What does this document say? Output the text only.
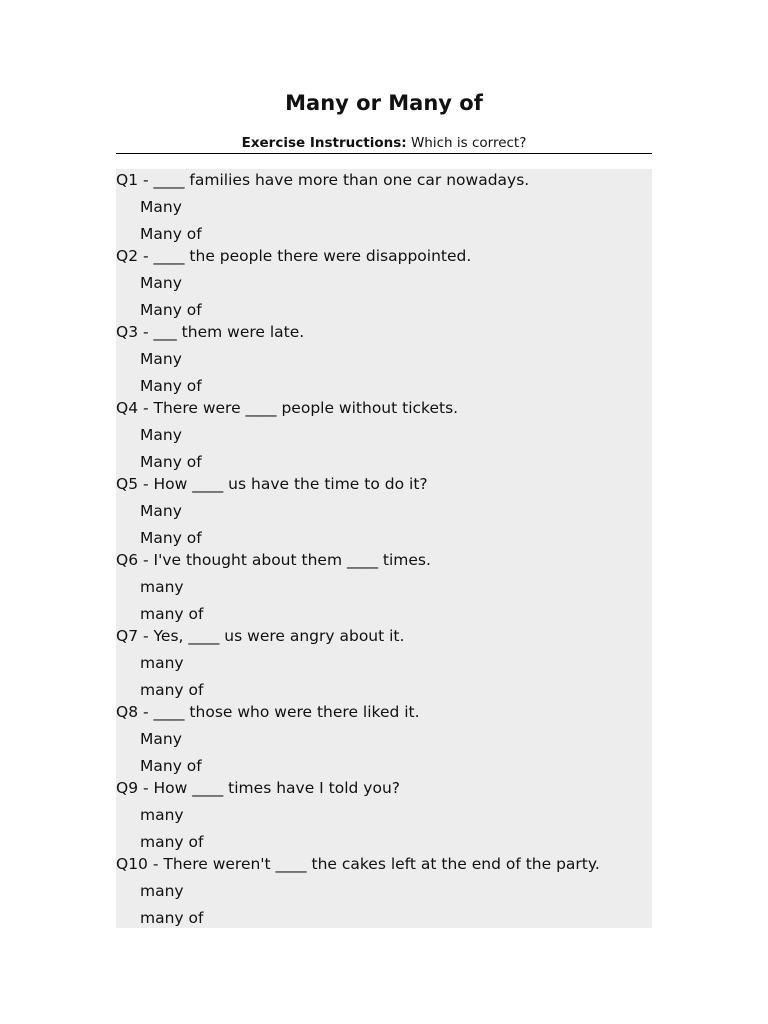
Many or Many of
Exercise Instructions: Which is correct?
Q1 - ____ families have more than one car nowadays.
Many
Many of
Q2 - ____ the people there were disappointed.
Many
Many of
Q3 - ___ them were late.
Many
Many of
Q4 - There were ____ people without tickets.
Many
Many of
Q5 - How ____ us have the time to do it?
Many
Many of
Q6 - I've thought about them ____ times.
many
many of
Q7 - Yes, ____ us were angry about it.
many
many of
Q8 - ____ those who were there liked it.
Many
Many of
Q9 - How ____ times have I told you?
many
many of
Q10 - There weren't ____ the cakes left at the end of the party.
many
many of
